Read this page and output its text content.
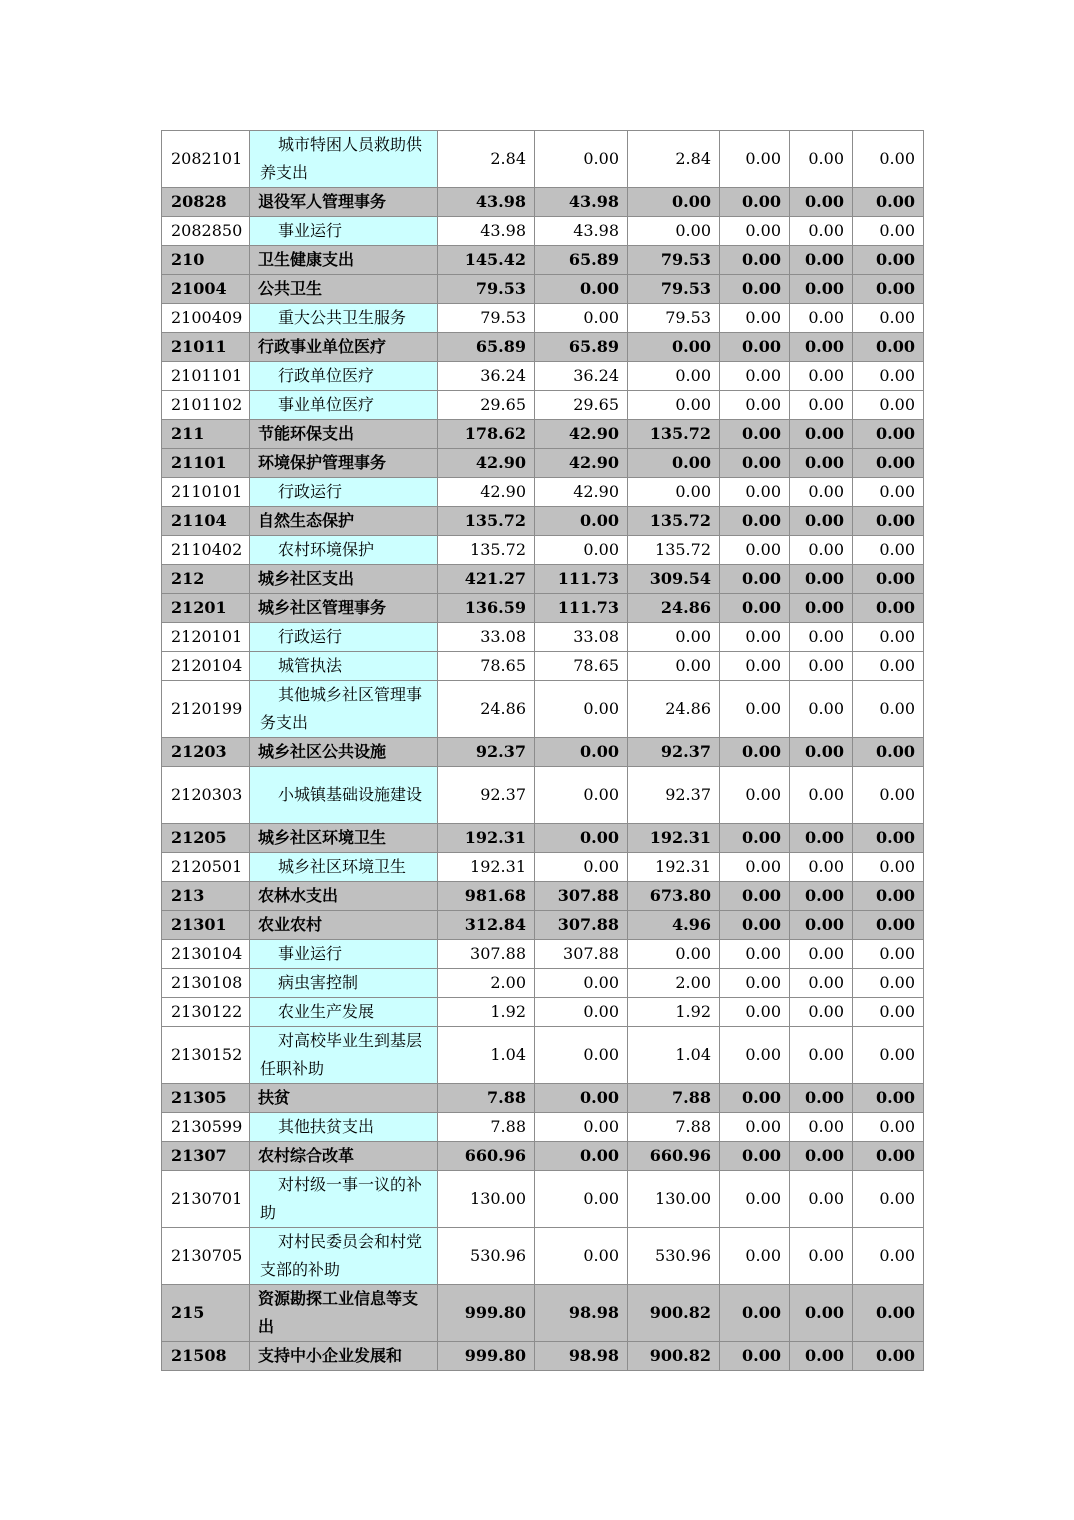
2082101	城市特困人员救助供养支出	2.84	0.00	2.84	0.00	0.00	0.00
20828	退役军人管理事务	43.98	43.98	0.00	0.00	0.00	0.00
2082850	事业运行	43.98	43.98	0.00	0.00	0.00	0.00
210	卫生健康支出	145.42	65.89	79.53	0.00	0.00	0.00
21004	公共卫生	79.53	0.00	79.53	0.00	0.00	0.00
2100409	重大公共卫生服务	79.53	0.00	79.53	0.00	0.00	0.00
21011	行政事业单位医疗	65.89	65.89	0.00	0.00	0.00	0.00
2101101	行政单位医疗	36.24	36.24	0.00	0.00	0.00	0.00
2101102	事业单位医疗	29.65	29.65	0.00	0.00	0.00	0.00
211	节能环保支出	178.62	42.90	135.72	0.00	0.00	0.00
21101	环境保护管理事务	42.90	42.90	0.00	0.00	0.00	0.00
2110101	行政运行	42.90	42.90	0.00	0.00	0.00	0.00
21104	自然生态保护	135.72	0.00	135.72	0.00	0.00	0.00
2110402	农村环境保护	135.72	0.00	135.72	0.00	0.00	0.00
212	城乡社区支出	421.27	111.73	309.54	0.00	0.00	0.00
21201	城乡社区管理事务	136.59	111.73	24.86	0.00	0.00	0.00
2120101	行政运行	33.08	33.08	0.00	0.00	0.00	0.00
2120104	城管执法	78.65	78.65	0.00	0.00	0.00	0.00
2120199	其他城乡社区管理事务支出	24.86	0.00	24.86	0.00	0.00	0.00
21203	城乡社区公共设施	92.37	0.00	92.37	0.00	0.00	0.00
2120303	小城镇基础设施建设	92.37	0.00	92.37	0.00	0.00	0.00
21205	城乡社区环境卫生	192.31	0.00	192.31	0.00	0.00	0.00
2120501	城乡社区环境卫生	192.31	0.00	192.31	0.00	0.00	0.00
213	农林水支出	981.68	307.88	673.80	0.00	0.00	0.00
21301	农业农村	312.84	307.88	4.96	0.00	0.00	0.00
2130104	事业运行	307.88	307.88	0.00	0.00	0.00	0.00
2130108	病虫害控制	2.00	0.00	2.00	0.00	0.00	0.00
2130122	农业生产发展	1.92	0.00	1.92	0.00	0.00	0.00
2130152	对高校毕业生到基层任职补助	1.04	0.00	1.04	0.00	0.00	0.00
21305	扶贫	7.88	0.00	7.88	0.00	0.00	0.00
2130599	其他扶贫支出	7.88	0.00	7.88	0.00	0.00	0.00
21307	农村综合改革	660.96	0.00	660.96	0.00	0.00	0.00
2130701	对村级一事一议的补助	130.00	0.00	130.00	0.00	0.00	0.00
2130705	对村民委员会和村党支部的补助	530.96	0.00	530.96	0.00	0.00	0.00
215	资源勘探工业信息等支出	999.80	98.98	900.82	0.00	0.00	0.00
21508	支持中小企业发展和	999.80	98.98	900.82	0.00	0.00	0.00
